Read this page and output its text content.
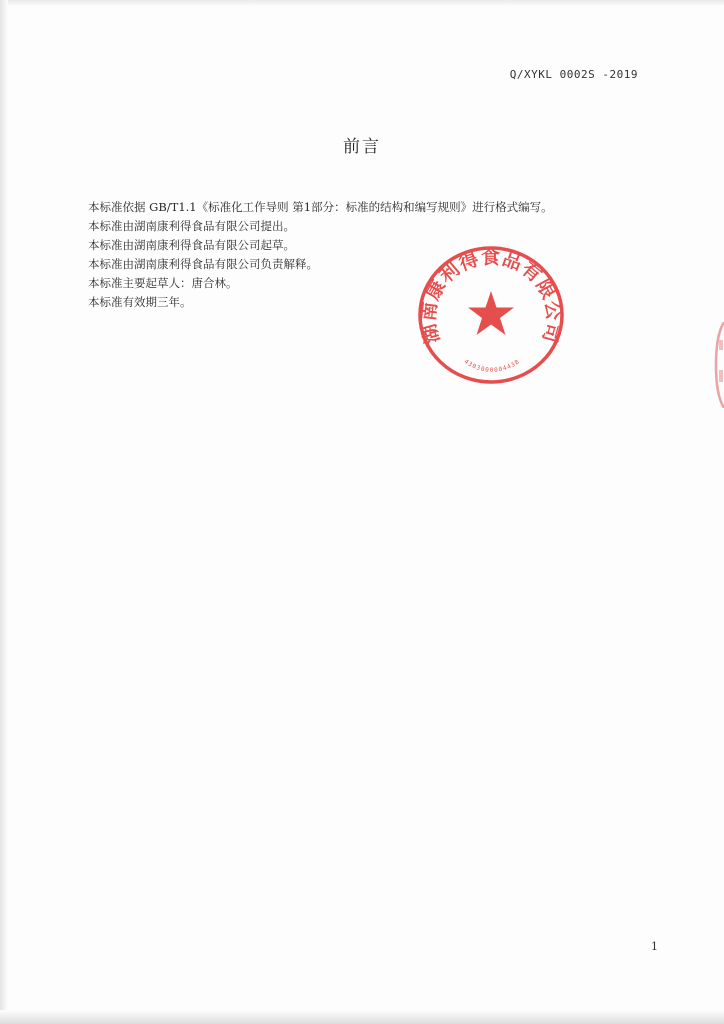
Q/XYKL 0002S -2019
前言
本标准依据 GB/T1.1《标准化工作导则 第1部分：标准的结构和编写规则》进行格式编写。
本标准由湖南康利得食品有限公司提出。
本标准由湖南康利得食品有限公司起草。
本标准由湖南康利得食品有限公司负责解释。
本标准主要起草人：唐合林。
本标准有效期三年。
湖南康利得食品有限公司
4303000004438
1
